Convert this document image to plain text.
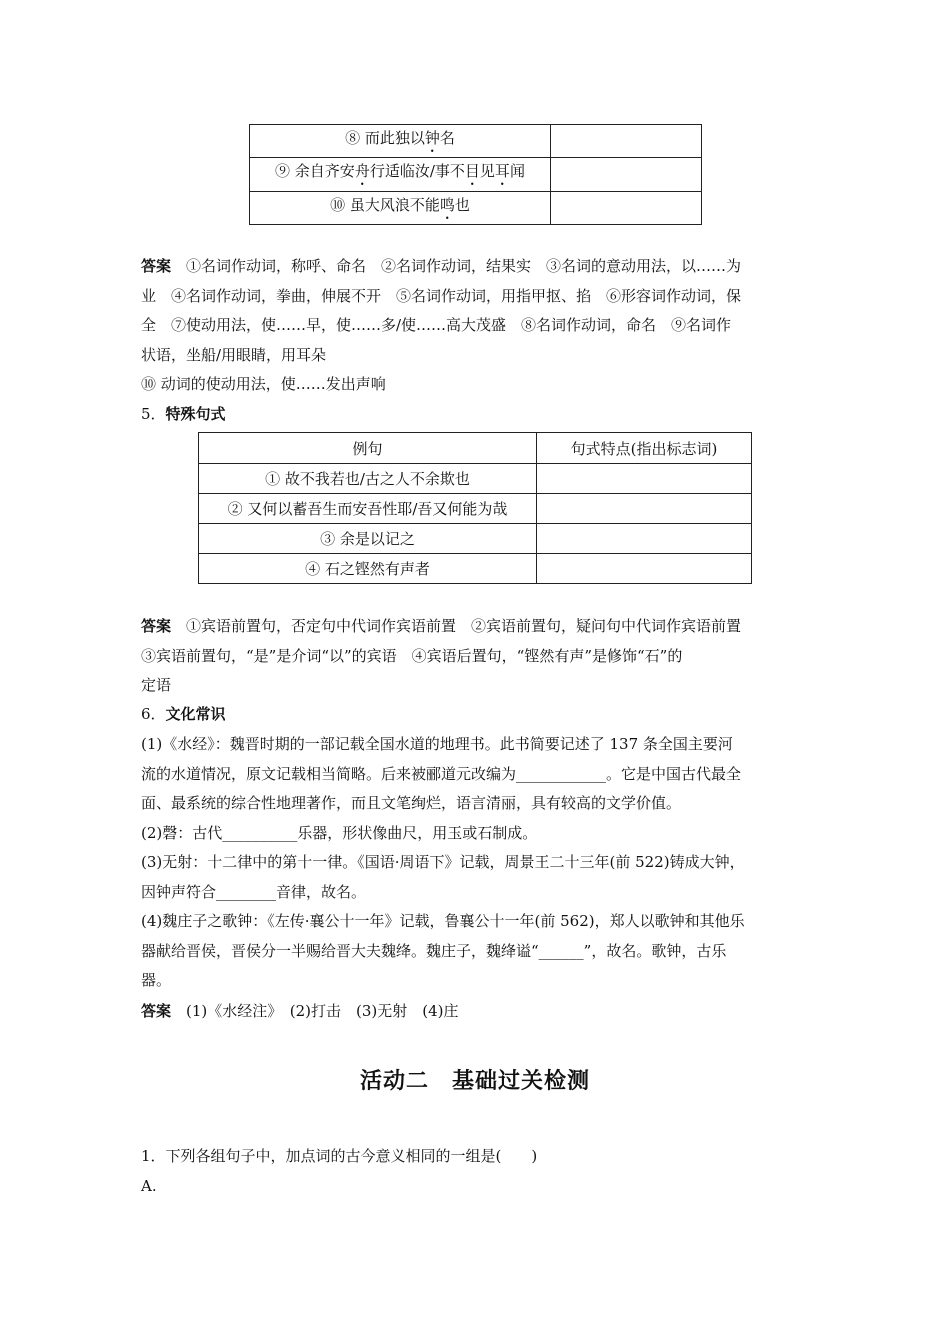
⑧ 而此独以钟名	
⑨ 余自齐安舟行适临汝/事不目见耳闻	
⑩ 虽大风浪不能鸣也	
答案　 ①名词作动词，称呼、命名　②名词作动词，结果实　③名词的意动用法，以……为
业　④名词作动词，拳曲，伸展不开　⑤名词作动词，用指甲抠、掐　⑥形容词作动词，保
全　⑦使动用法，使……早，使……多/使……高大茂盛　⑧名词作动词，命名　⑨名词作
状语，坐船/用眼睛，用耳朵
⑩ 动词的使动用法，使……发出声响
5．特殊句式
例句	句式特点(指出标志词)
① 故不我若也/古之人不余欺也	
② 又何以蓄吾生而安吾性耶/吾又何能为哉	
③ 余是以记之	
④ 石之铿然有声者	
答案　 ①宾语前置句，否定句中代词作宾语前置　②宾语前置句，疑问句中代词作宾语前置
③宾语前置句，“是”是介词“以”的宾语　④宾语后置句，“铿然有声”是修饰“石”的
定语
6．文化常识
(1)《水经》：魏晋时期的一部记载全国水道的地理书。此书简要记述了 137 条全国主要河
流的水道情况，原文记载相当简略。后来被郦道元改编为____________。它是中国古代最全
面、最系统的综合性地理著作，而且文笔绚烂，语言清丽，具有较高的文学价值。
(2)磬：古代__________乐器，形状像曲尺，用玉或石制成。
(3)无射：十二律中的第十一律。《国语·周语下》记载，周景王二十三年(前 522)铸成大钟，
因钟声符合________音律，故名。
(4)魏庄子之歌钟：《左传·襄公十一年》记载，鲁襄公十一年(前 562)，郑人以歌钟和其他乐
器献给晋侯，晋侯分一半赐给晋大夫魏绛。魏庄子，魏绛谥“______”，故名。歌钟，古乐
器。
答案　 (1)《水经注》　(2)打击　(3)无射　(4)庄
活动二　基础过关检测
1．下列各组句子中，加点词的古今意义相同的一组是(　　)
A.
